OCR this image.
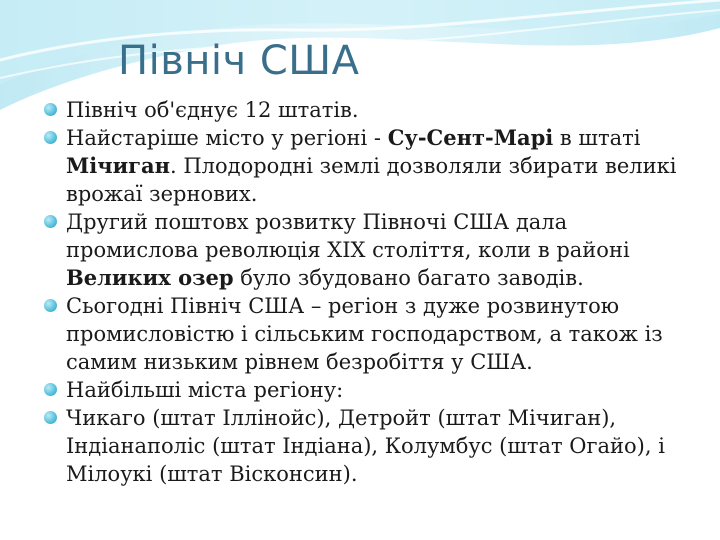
Північ США
Північ об'єднує 12 штатів.
Найстаріше місто у регіоні - Су-Сент-Марі в штаті Мічиган. Плодородні землі дозволяли збирати великі врожаї зернових.
Другий поштовх розвитку Півночі США дала промислова революція XIX століття, коли в районі Великих озер було збудовано багато заводів.
Сьогодні Північ США – регіон з дуже розвинутою промисловістю і сільським господарством, а також із самим низьким рівнем безробіття у США.
Найбільші міста регіону:
Чикаго (штат Іллінойс), Детройт (штат Мічиган), Індіанаполіс (штат Індіана), Колумбус (штат Огайо), і Мілоукі (штат Вісконсин).
